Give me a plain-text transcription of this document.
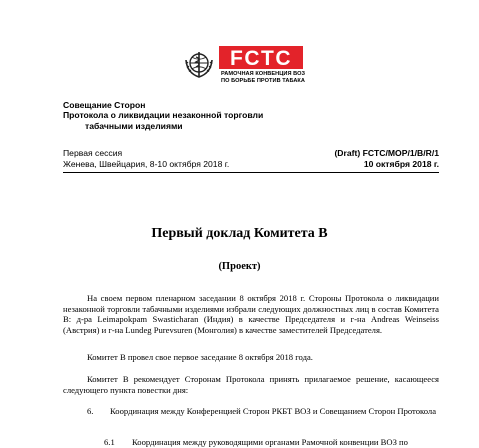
FCTC
РАМОЧНАЯ КОНВЕНЦИЯ ВОЗ
ПО БОРЬБЕ ПРОТИВ ТАБАКА
Совещание Сторон
Протокола о ликвидации незаконной торговли

табачными изделиями
Первая сессия
Женева, Швейцария, 8-10 октября 2018 г.
(Draft) FCTC/MOP/1/B/R/1
10 октября 2018 г.
Первый доклад Комитета B
(Проект)
На своем первом пленарном заседании 8 октября 2018 г. Стороны Протокола о ликвидации незаконной торговли табачными изделиями избрали следующих должностных лиц в состав Комитета B: д-ра Leimapokpam Swasticharan (Индия) в качестве Председателя и г-на Andreas Weinseiss (Австрия) и г-на Lundeg Purevsuren (Монголия) в качестве заместителей Председателя.
Комитет B провел свое первое заседание 8 октября 2018 года.
Комитет B рекомендует Сторонам Протокола принять прилагаемое решение, касающееся следующего пункта повестки дня:
6. Координация между Конференцией Сторон РКБТ ВОЗ и Совещанием Сторон Протокола
6.1 Координация между руководящими органами Рамочной конвенции ВОЗ по
